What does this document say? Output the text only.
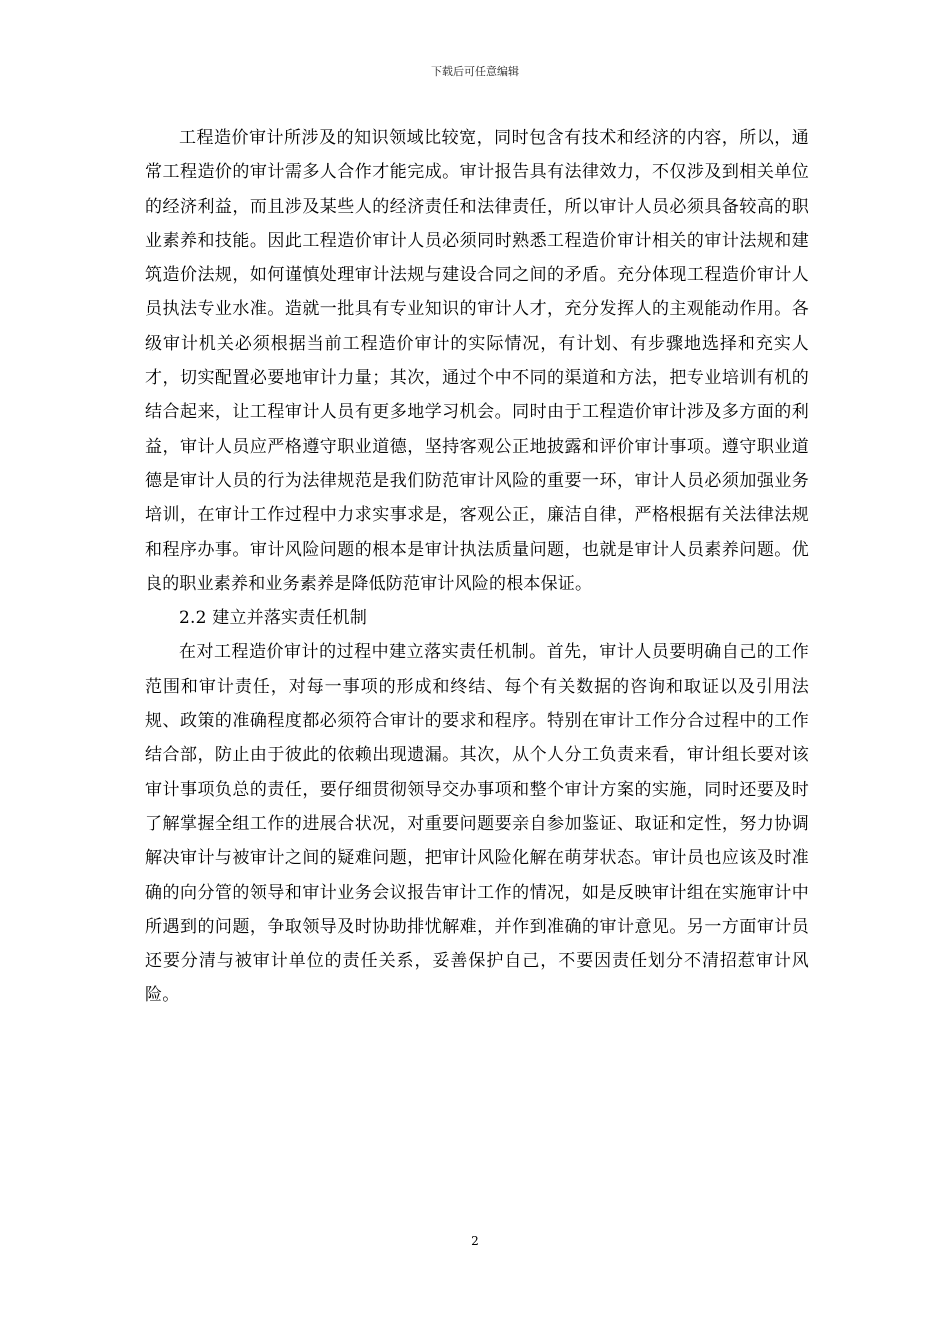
下载后可任意编辑

工程造价审计所涉及的知识领域比较宽，同时包含有技术和经济的内容，所以，通常工程造价的审计需多人合作才能完成。审计报告具有法律效力，不仅涉及到相关单位的经济利益，而且涉及某些人的经济责任和法律责任，所以审计人员必须具备较高的职业素养和技能。因此工程造价审计人员必须同时熟悉工程造价审计相关的审计法规和建筑造价法规，如何谨慎处理审计法规与建设合同之间的矛盾。充分体现工程造价审计人员执法专业水准。造就一批具有专业知识的审计人才，充分发挥人的主观能动作用。各级审计机关必须根据当前工程造价审计的实际情况，有计划、有步骤地选择和充实人才，切实配置必要地审计力量；其次，通过个中不同的渠道和方法，把专业培训有机的结合起来，让工程审计人员有更多地学习机会。同时由于工程造价审计涉及多方面的利益，审计人员应严格遵守职业道德，坚持客观公正地披露和评价审计事项。遵守职业道德是审计人员的行为法律规范是我们防范审计风险的重要一环，审计人员必须加强业务培训，在审计工作过程中力求实事求是，客观公正，廉洁自律，严格根据有关法律法规和程序办事。审计风险问题的根本是审计执法质量问题，也就是审计人员素养问题。优良的职业素养和业务素养是降低防范审计风险的根本保证。

2.2 建立并落实责任机制

在对工程造价审计的过程中建立落实责任机制。首先，审计人员要明确自己的工作范围和审计责任，对每一事项的形成和终结、每个有关数据的咨询和取证以及引用法规、政策的准确程度都必须符合审计的要求和程序。特别在审计工作分合过程中的工作结合部，防止由于彼此的依赖出现遗漏。其次，从个人分工负责来看，审计组长要对该审计事项负总的责任，要仔细贯彻领导交办事项和整个审计方案的实施，同时还要及时了解掌握全组工作的进展合状况，对重要问题要亲自参加鉴证、取证和定性，努力协调解决审计与被审计之间的疑难问题，把审计风险化解在萌芽状态。审计员也应该及时准确的向分管的领导和审计业务会议报告审计工作的情况，如是反映审计组在实施审计中所遇到的问题，争取领导及时协助排忧解难，并作到准确的审计意见。另一方面审计员还要分清与被审计单位的责任关系，妥善保护自己，不要因责任划分不清招惹审计风险。

2
